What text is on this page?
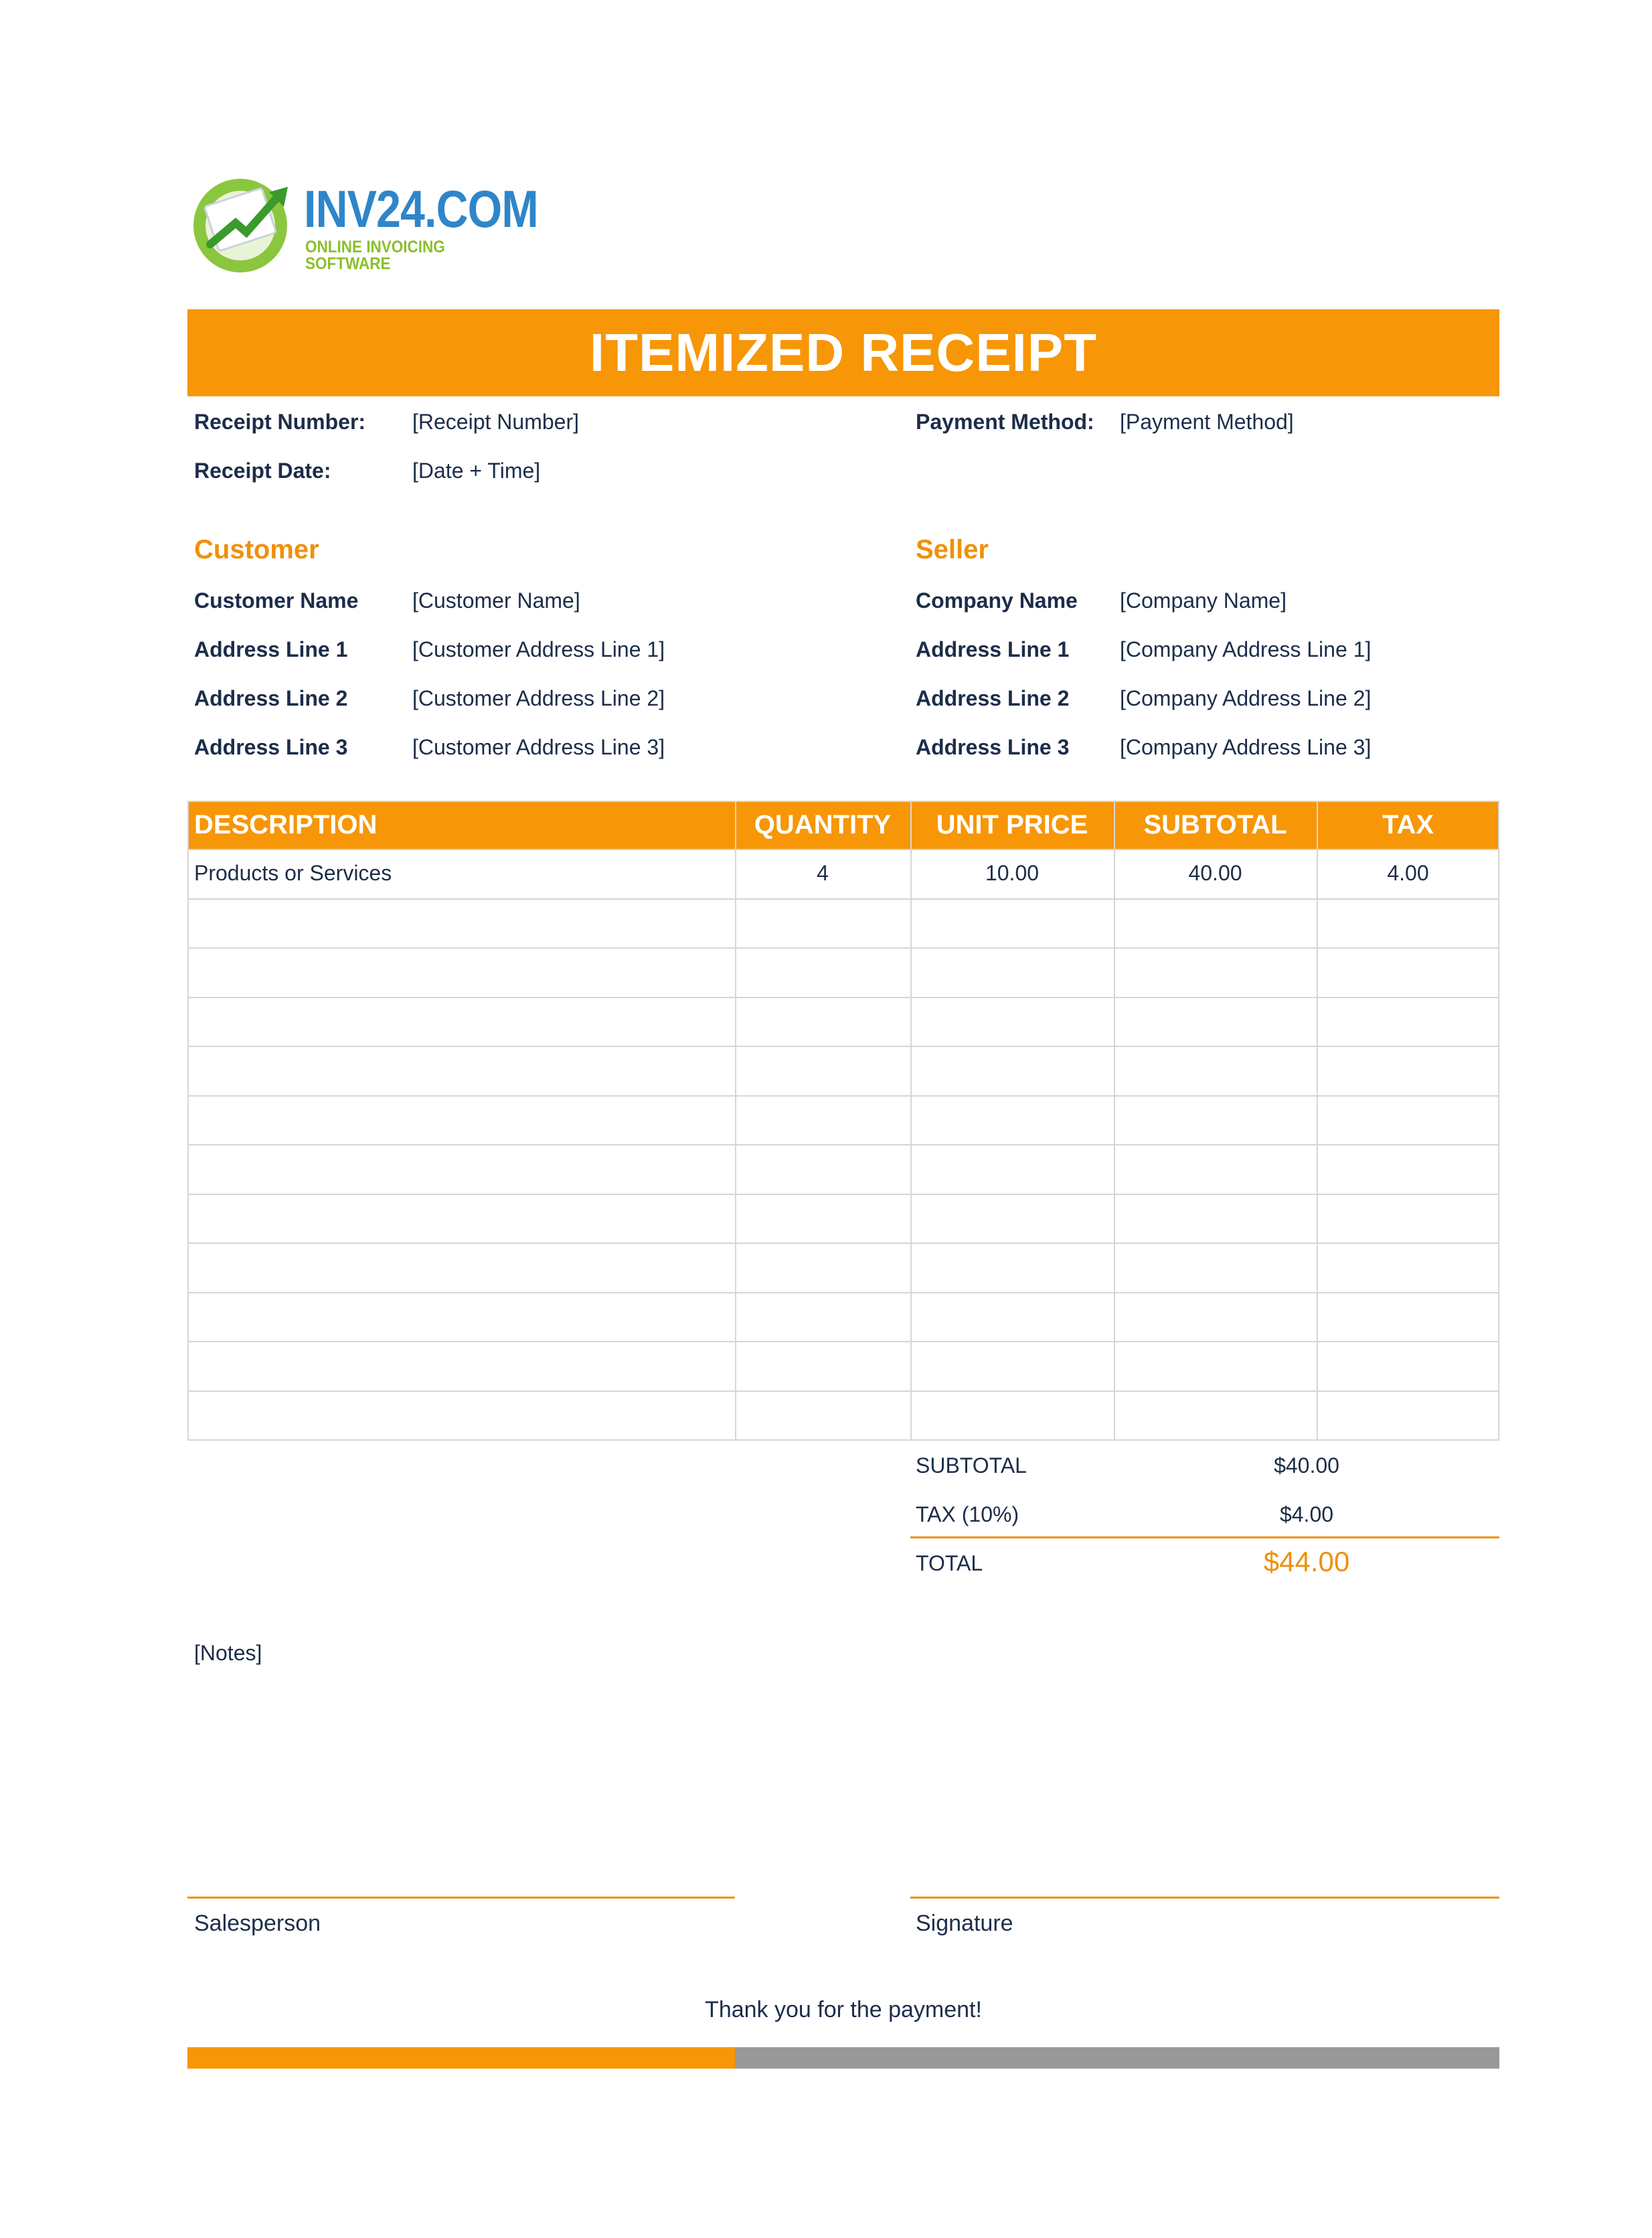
INV24.COM
ONLINE INVOICING SOFTWARE
ITEMIZED RECEIPT
Receipt Number: [Receipt Number]
Receipt Date:	[Date + Time]
Payment Method: [Payment Method]
Customer
Customer Name	[Customer Name]
Address Line 1	[Customer Address Line 1]
Address Line 2	[Customer Address Line 2]
Address Line 3	[Customer Address Line 3]
Seller
Company Name [Company Name]
Address Line 1 [Company Address Line 1]
Address Line 2 [Company Address Line 2]
Address Line 3 [Company Address Line 3]
DESCRIPTION	QUANTITY	UNIT PRICE	SUBTOTAL	TAX
Products or Services	4	10.00	40.00	4.00
SUBTOTAL	$40.00
TAX (10%)	$4.00
TOTAL	$44.00
[Notes]
Salesperson	Signature
Thank you for the payment!
